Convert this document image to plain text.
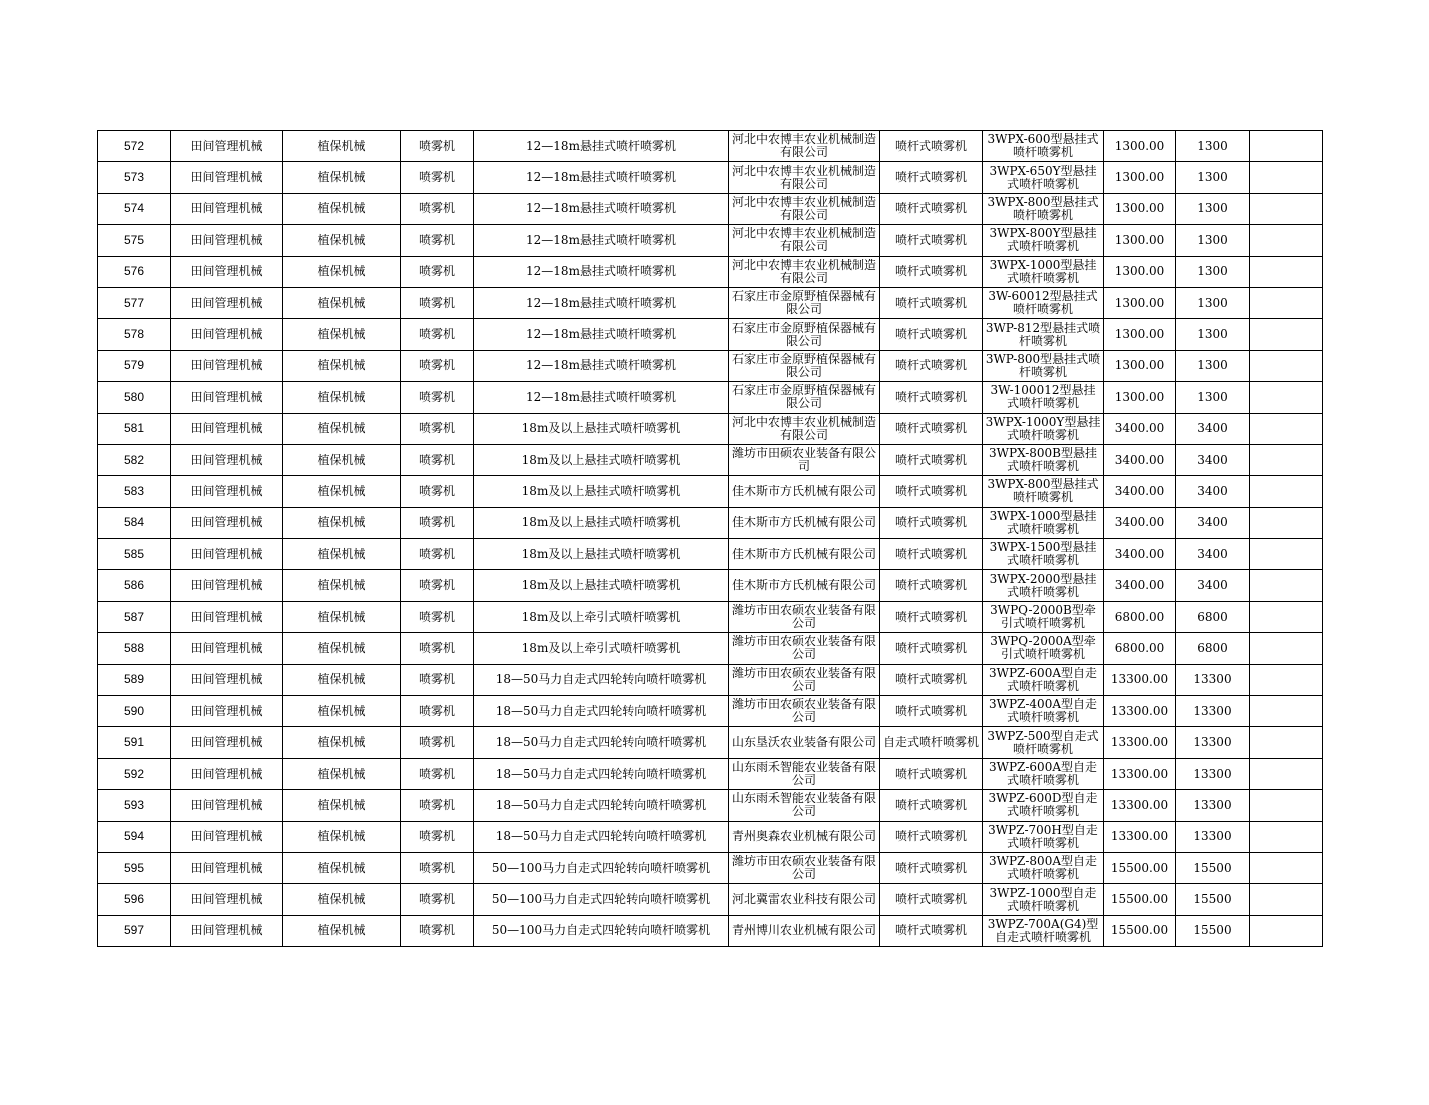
572	田间管理机械	植保机械	喷雾机	12—18m悬挂式喷杆喷雾机	河北中农博丰农业机械制造有限公司	喷杆式喷雾机	3WPX-600型悬挂式喷杆喷雾机	1300.00	1300	
573	田间管理机械	植保机械	喷雾机	12—18m悬挂式喷杆喷雾机	河北中农博丰农业机械制造有限公司	喷杆式喷雾机	3WPX-650Y型悬挂式喷杆喷雾机	1300.00	1300	
574	田间管理机械	植保机械	喷雾机	12—18m悬挂式喷杆喷雾机	河北中农博丰农业机械制造有限公司	喷杆式喷雾机	3WPX-800型悬挂式喷杆喷雾机	1300.00	1300	
575	田间管理机械	植保机械	喷雾机	12—18m悬挂式喷杆喷雾机	河北中农博丰农业机械制造有限公司	喷杆式喷雾机	3WPX-800Y型悬挂式喷杆喷雾机	1300.00	1300	
576	田间管理机械	植保机械	喷雾机	12—18m悬挂式喷杆喷雾机	河北中农博丰农业机械制造有限公司	喷杆式喷雾机	3WPX-1000型悬挂式喷杆喷雾机	1300.00	1300	
577	田间管理机械	植保机械	喷雾机	12—18m悬挂式喷杆喷雾机	石家庄市金原野植保器械有限公司	喷杆式喷雾机	3W-60012型悬挂式喷杆喷雾机	1300.00	1300	
578	田间管理机械	植保机械	喷雾机	12—18m悬挂式喷杆喷雾机	石家庄市金原野植保器械有限公司	喷杆式喷雾机	3WP-812型悬挂式喷杆喷雾机	1300.00	1300	
579	田间管理机械	植保机械	喷雾机	12—18m悬挂式喷杆喷雾机	石家庄市金原野植保器械有限公司	喷杆式喷雾机	3WP-800型悬挂式喷杆喷雾机	1300.00	1300	
580	田间管理机械	植保机械	喷雾机	12—18m悬挂式喷杆喷雾机	石家庄市金原野植保器械有限公司	喷杆式喷雾机	3W-100012型悬挂式喷杆喷雾机	1300.00	1300	
581	田间管理机械	植保机械	喷雾机	18m及以上悬挂式喷杆喷雾机	河北中农博丰农业机械制造有限公司	喷杆式喷雾机	3WPX-1000Y型悬挂式喷杆喷雾机	3400.00	3400	
582	田间管理机械	植保机械	喷雾机	18m及以上悬挂式喷杆喷雾机	潍坊市田硕农业装备有限公司	喷杆式喷雾机	3WPX-800B型悬挂式喷杆喷雾机	3400.00	3400	
583	田间管理机械	植保机械	喷雾机	18m及以上悬挂式喷杆喷雾机	佳木斯市方氏机械有限公司	喷杆式喷雾机	3WPX-800型悬挂式喷杆喷雾机	3400.00	3400	
584	田间管理机械	植保机械	喷雾机	18m及以上悬挂式喷杆喷雾机	佳木斯市方氏机械有限公司	喷杆式喷雾机	3WPX-1000型悬挂式喷杆喷雾机	3400.00	3400	
585	田间管理机械	植保机械	喷雾机	18m及以上悬挂式喷杆喷雾机	佳木斯市方氏机械有限公司	喷杆式喷雾机	3WPX-1500型悬挂式喷杆喷雾机	3400.00	3400	
586	田间管理机械	植保机械	喷雾机	18m及以上悬挂式喷杆喷雾机	佳木斯市方氏机械有限公司	喷杆式喷雾机	3WPX-2000型悬挂式喷杆喷雾机	3400.00	3400	
587	田间管理机械	植保机械	喷雾机	18m及以上牵引式喷杆喷雾机	潍坊市田农硕农业装备有限公司	喷杆式喷雾机	3WPQ-2000B型牵引式喷杆喷雾机	6800.00	6800	
588	田间管理机械	植保机械	喷雾机	18m及以上牵引式喷杆喷雾机	潍坊市田农硕农业装备有限公司	喷杆式喷雾机	3WPQ-2000A型牵引式喷杆喷雾机	6800.00	6800	
589	田间管理机械	植保机械	喷雾机	18—50马力自走式四轮转向喷杆喷雾机	潍坊市田农硕农业装备有限公司	喷杆式喷雾机	3WPZ-600A型自走式喷杆喷雾机	13300.00	13300	
590	田间管理机械	植保机械	喷雾机	18—50马力自走式四轮转向喷杆喷雾机	潍坊市田农硕农业装备有限公司	喷杆式喷雾机	3WPZ-400A型自走式喷杆喷雾机	13300.00	13300	
591	田间管理机械	植保机械	喷雾机	18—50马力自走式四轮转向喷杆喷雾机	山东垦沃农业装备有限公司	自走式喷杆喷雾机	3WPZ-500型自走式喷杆喷雾机	13300.00	13300	
592	田间管理机械	植保机械	喷雾机	18—50马力自走式四轮转向喷杆喷雾机	山东雨禾智能农业装备有限公司	喷杆式喷雾机	3WPZ-600A型自走式喷杆喷雾机	13300.00	13300	
593	田间管理机械	植保机械	喷雾机	18—50马力自走式四轮转向喷杆喷雾机	山东雨禾智能农业装备有限公司	喷杆式喷雾机	3WPZ-600D型自走式喷杆喷雾机	13300.00	13300	
594	田间管理机械	植保机械	喷雾机	18—50马力自走式四轮转向喷杆喷雾机	青州奥森农业机械有限公司	喷杆式喷雾机	3WPZ-700H型自走式喷杆喷雾机	13300.00	13300	
595	田间管理机械	植保机械	喷雾机	50—100马力自走式四轮转向喷杆喷雾机	潍坊市田农硕农业装备有限公司	喷杆式喷雾机	3WPZ-800A型自走式喷杆喷雾机	15500.00	15500	
596	田间管理机械	植保机械	喷雾机	50—100马力自走式四轮转向喷杆喷雾机	河北冀雷农业科技有限公司	喷杆式喷雾机	3WPZ-1000型自走式喷杆喷雾机	15500.00	15500	
597	田间管理机械	植保机械	喷雾机	50—100马力自走式四轮转向喷杆喷雾机	青州博川农业机械有限公司	喷杆式喷雾机	3WPZ-700A(G4)型自走式喷杆喷雾机	15500.00	15500	
